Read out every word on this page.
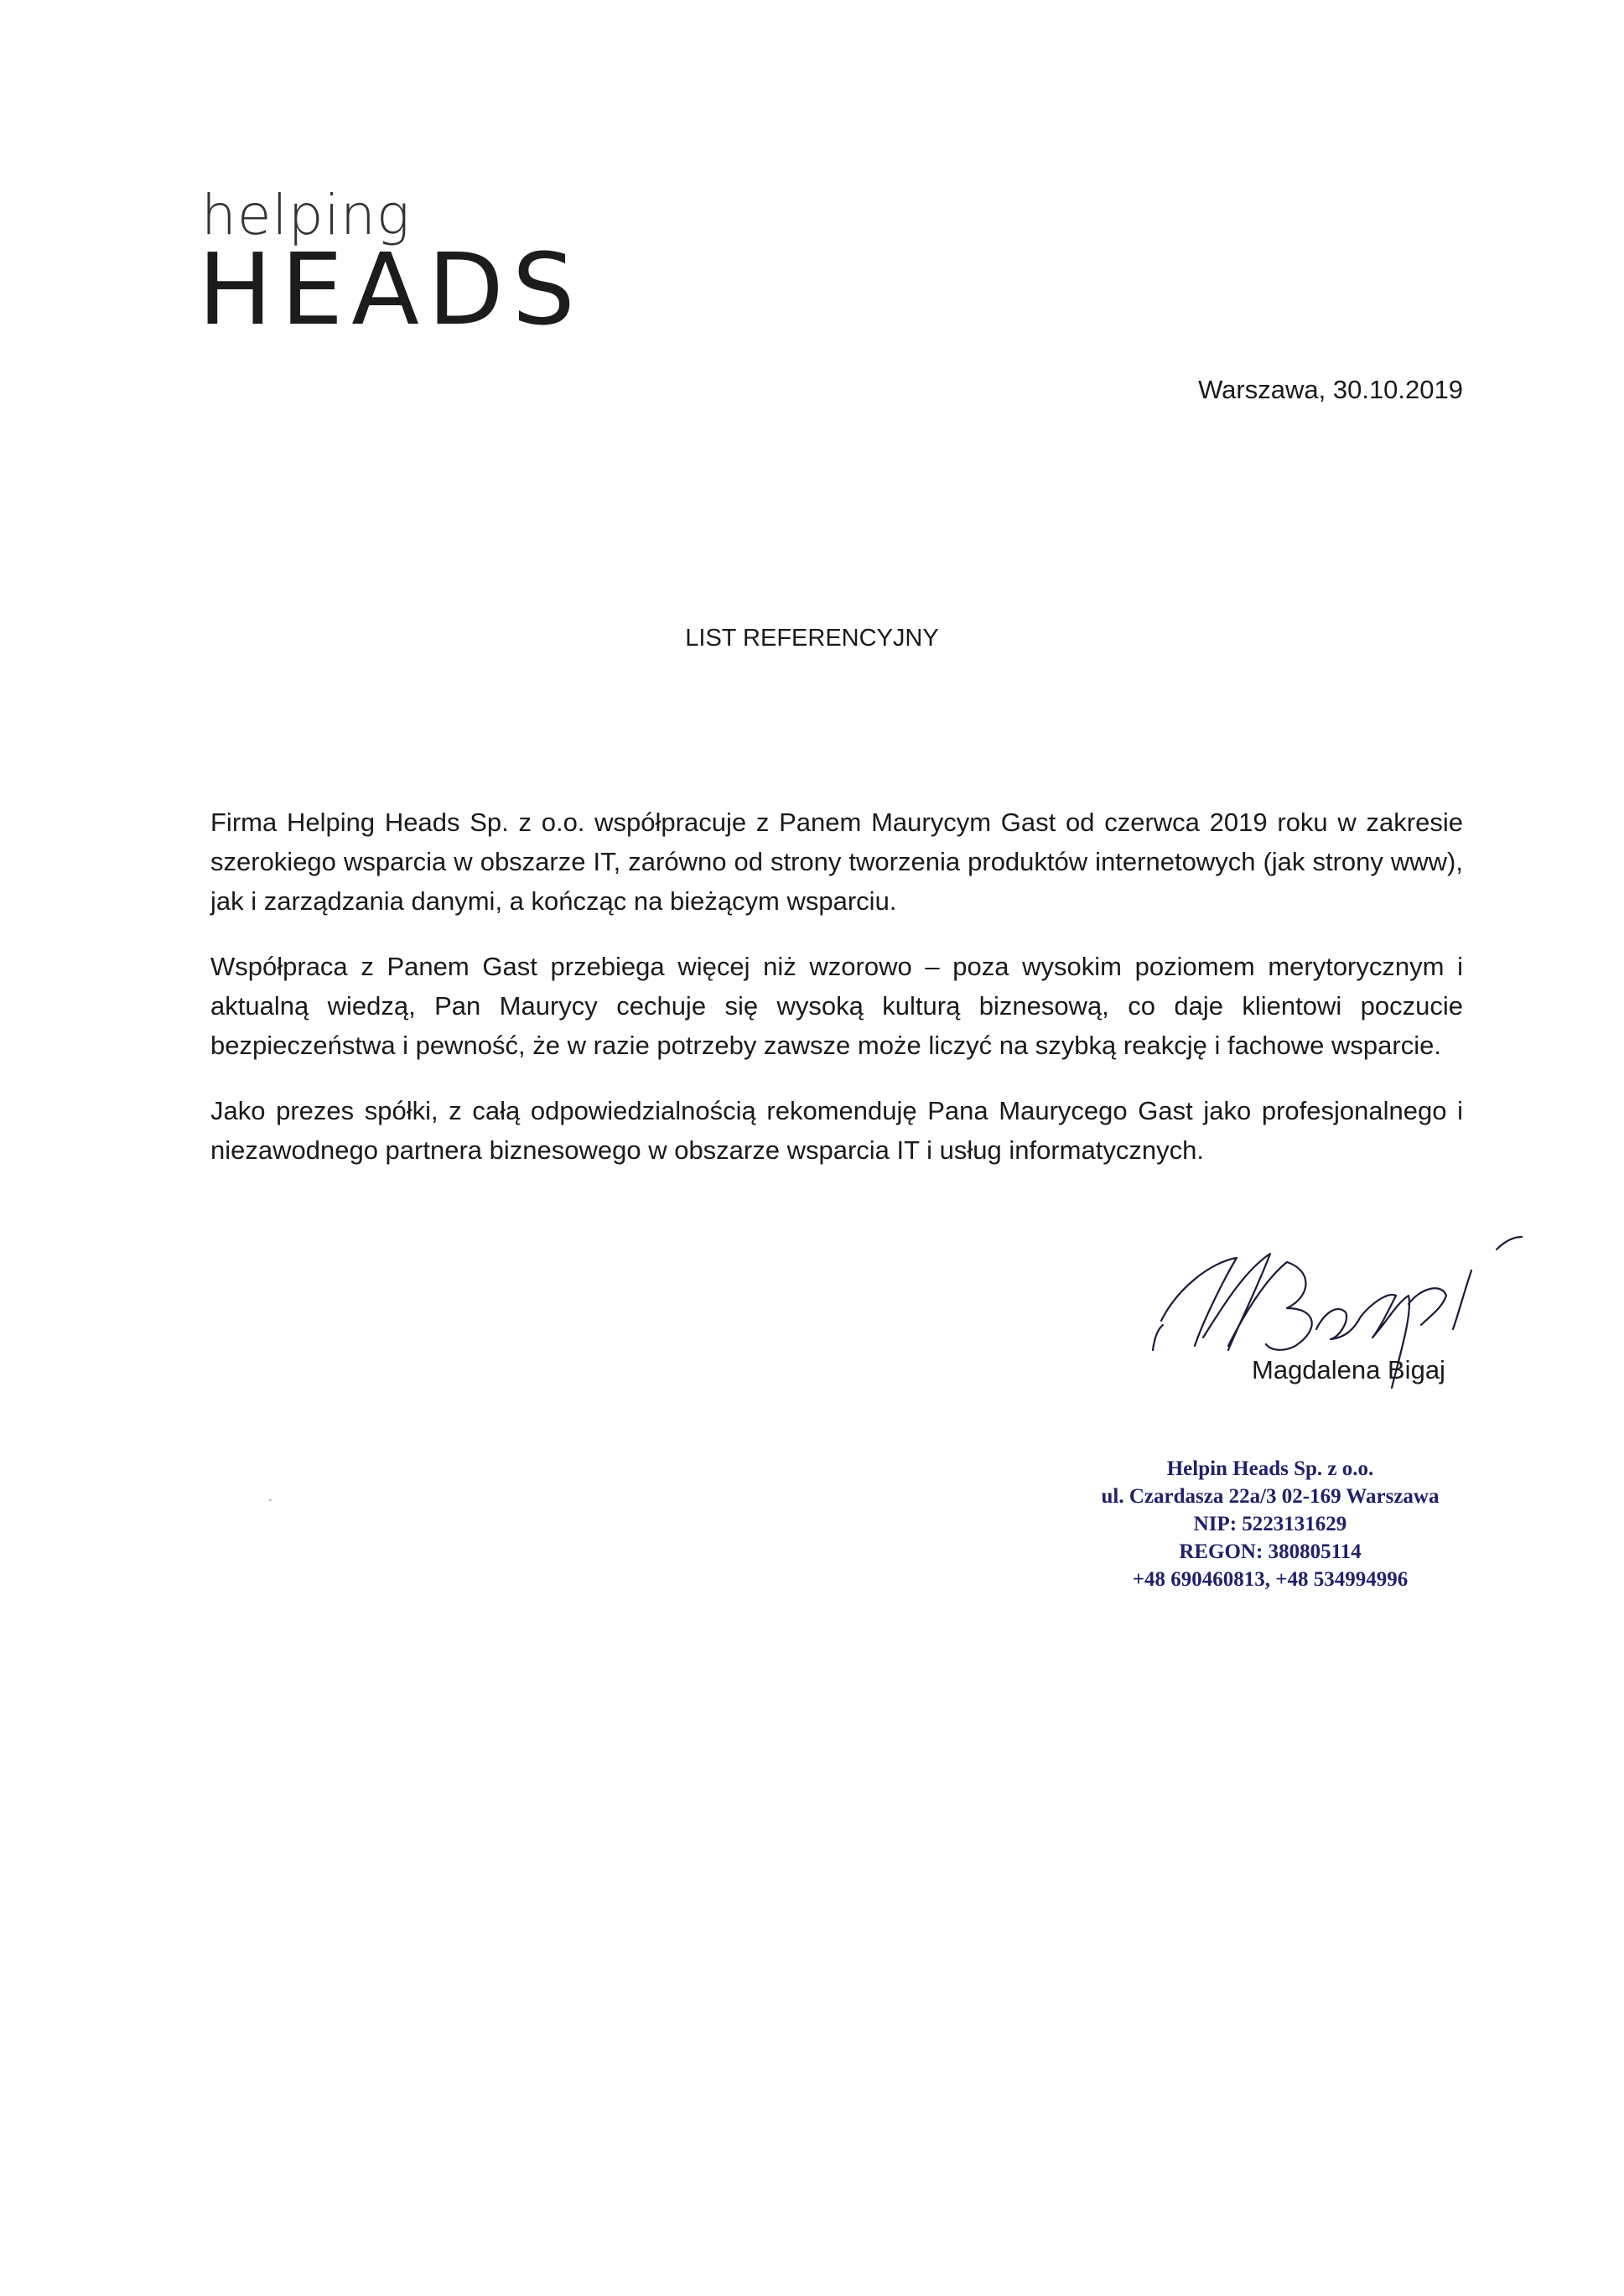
helping
HEADS
Warszawa, 30.10.2019
LIST REFERENCYJNY

Firma Helping Heads Sp. z o.o. współpracuje z Panem Maurycym Gast od czerwca 2019 roku w zakresie szerokiego wsparcia w obszarze IT, zarówno od strony tworzenia produktów internetowych (jak strony www), jak i zarządzania danymi, a kończąc na bieżącym wsparciu.

Współpraca z Panem Gast przebiega więcej niż wzorowo – poza wysokim poziomem merytorycznym i aktualną wiedzą, Pan Maurycy cechuje się wysoką kulturą biznesową, co daje klientowi poczucie bezpieczeństwa i pewność, że w razie potrzeby zawsze może liczyć na szybką reakcję i fachowe wsparcie.

Jako prezes spółki, z całą odpowiedzialnością rekomenduję Pana Maurycego Gast jako profesjonalnego i niezawodnego partnera biznesowego w obszarze wsparcia IT i usług informatycznych.

Magdalena Bigaj
Helpin Heads Sp. z o.o.
ul. Czardasza 22a/3 02-169 Warszawa
NIP: 5223131629
REGON: 380805114
+48 690460813, +48 534994996
